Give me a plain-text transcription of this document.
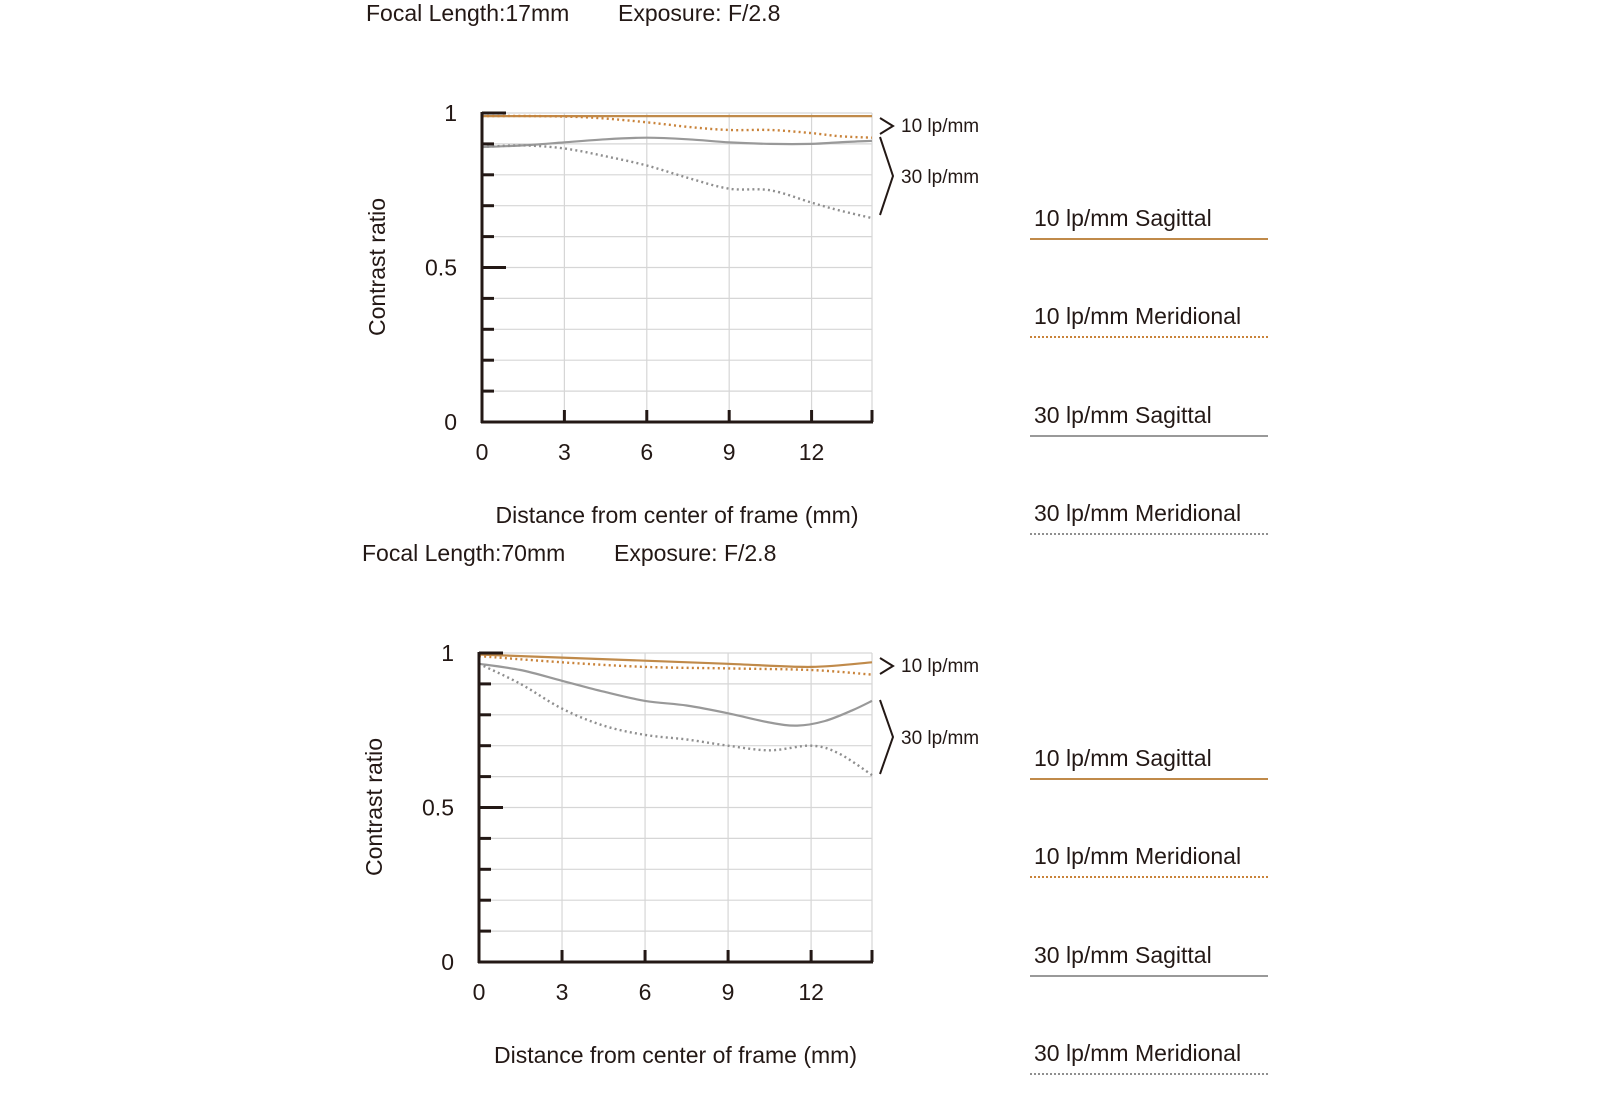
Focal Length:17mm Exposure: F/2.8
0
0.5
1
0	3	6	9	12
Distance from center of frame (mm)
Contrast ratio
10 lp/mm
30 lp/mm
10 lp/mm Sagittal
10 lp/mm Meridional
30 lp/mm Sagittal
30 lp/mm Meridional
Focal Length:70mm Exposure: F/2.8
0
0.5
1
0	3	6	9	12
Distance from center of frame (mm)
Contrast ratio
10 lp/mm
30 lp/mm
10 lp/mm Sagittal
10 lp/mm Meridional
30 lp/mm Sagittal
30 lp/mm Meridional
